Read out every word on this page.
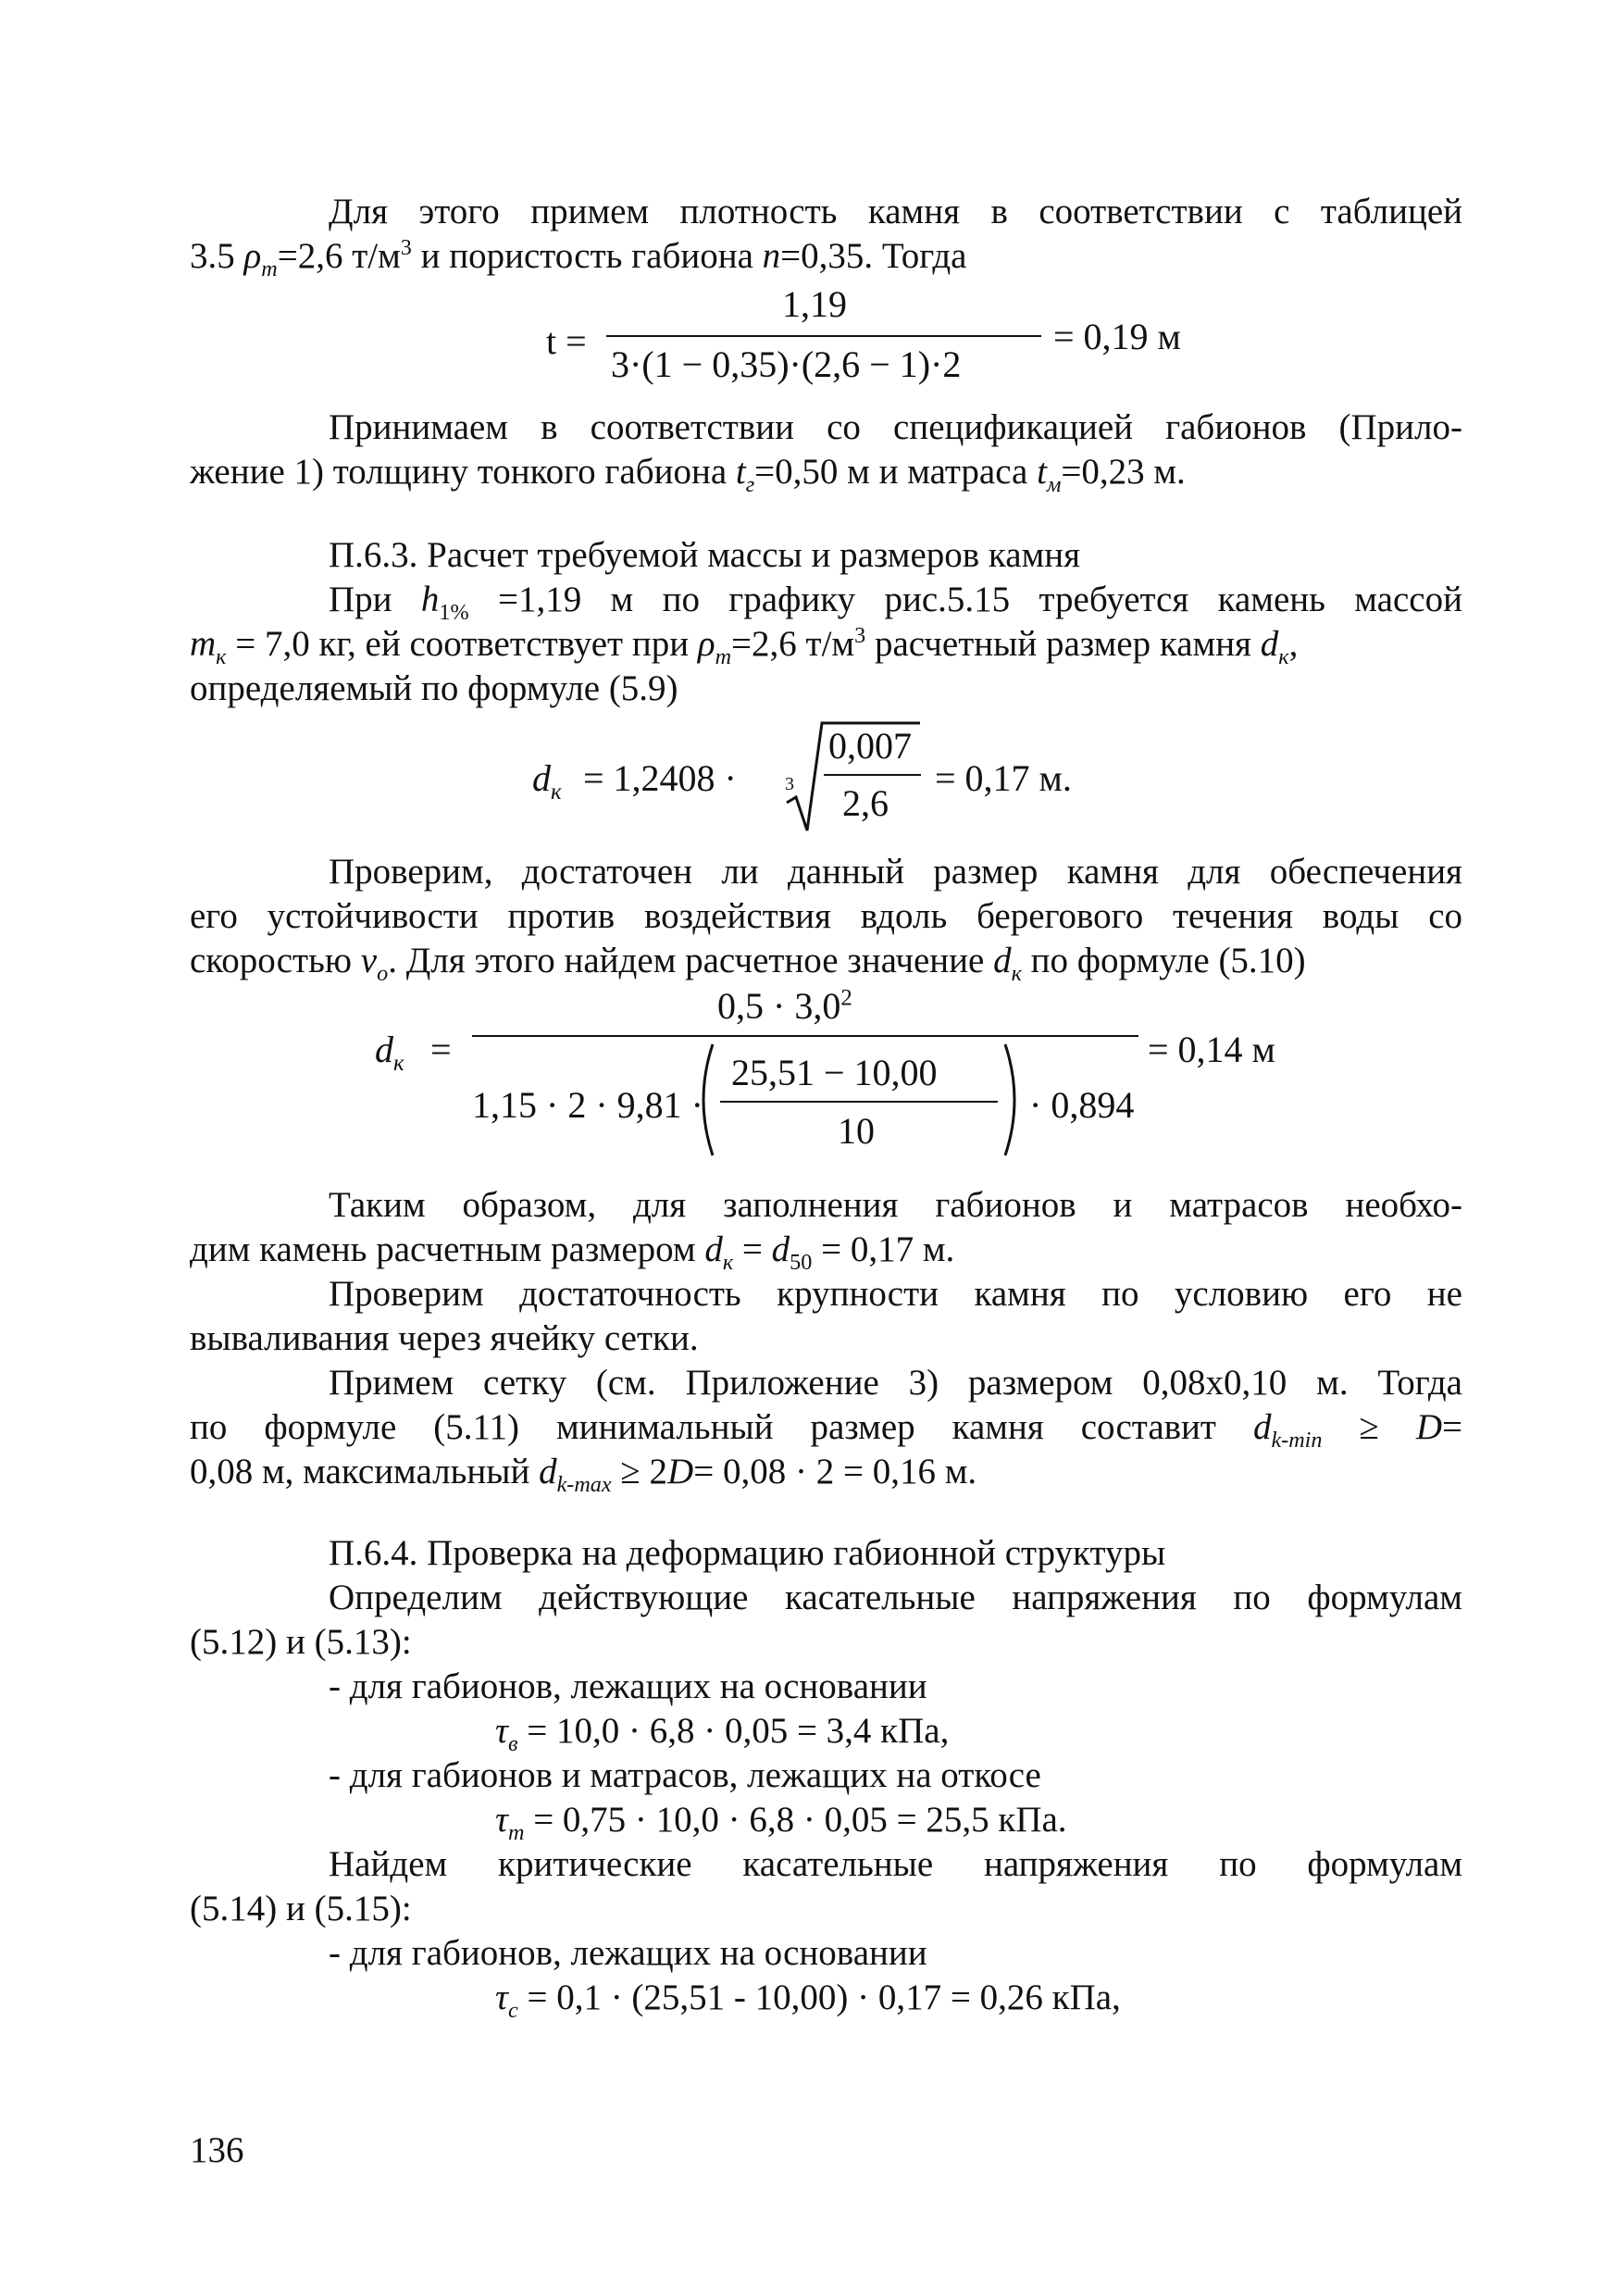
Для этого примем плотность камня в соответствии с таблицей
3.5 $\rho_m=2,6$ $т/м^3$ и пористость габиона n=0,35. Тогда
t =
1,19
3·(1 − 0,35)·(2,6 − 1)·2
= 0,19 м
Принимаем в соответствии со спецификацией габионов (Прило-
жение 1) толщину тонкого габиона $t_г=0,50$ м и матраса $t_м=0,23$ м.
П.6.3. Расчет требуемой массы и размеров камня
При $h_{1\%} =1,19$ м по графику рис.5.15 требуется камень массой
$m_к = 7,0$ кг, ей соответствует при $\rho_m=2,6$ $т/м^3$ расчетный размер камня $d_к$,
определяемый по формуле (5.9)
$d_к = 1,2408$ ·	3
0,007
2,6
= 0,17 м.
Проверим, достаточен ли данный размер камня для обеспечения
его устойчивости против воздействия вдоль берегового течения воды со
скоростью $v_o$. Для этого найдем расчетное значение $d_к$ по формуле (5.10)
$d_к$ =
$0,5 \cdot 3,0^2$
1,15 · 2 · 9,81 ·
25,51 − 10,00
10
· 0,894
= 0,14 м
Таким образом, для заполнения габионов и матрасов необхо-
дим камень расчетным размером $d_к = d_{50} = 0,17$ м.
Проверим достаточность крупности камня по условию его не
вываливания через ячейку сетки.
Примем сетку (см. Приложение 3) размером 0,08х0,10 м. Тогда
по формуле (5.11) минимальный размер камня составит $d_{k-min} \ge D=$
0,08 м, максимальный $d_{k-max} \ge 2D= 0,08 \cdot 2 = 0,16$ м.
П.6.4. Проверка на деформацию габионной структуры
Определим действующие касательные напряжения по формулам
(5.12) и (5.13):
- для габионов, лежащих на основании
$\tau_в = 10,0 \cdot 6,8 \cdot 0,05 = 3,4$ кПа,
- для габионов и матрасов, лежащих на откосе
$\tau_m = 0,75 \cdot 10,0 \cdot 6,8 \cdot 0,05 = 25,5$ кПа.
Найдем критические касательные напряжения по формулам
(5.14) и (5.15):
- для габионов, лежащих на основании
$\tau_c = 0,1 \cdot (25,51 - 10,00) \cdot 0,17 = 0,26$ кПа,
136
